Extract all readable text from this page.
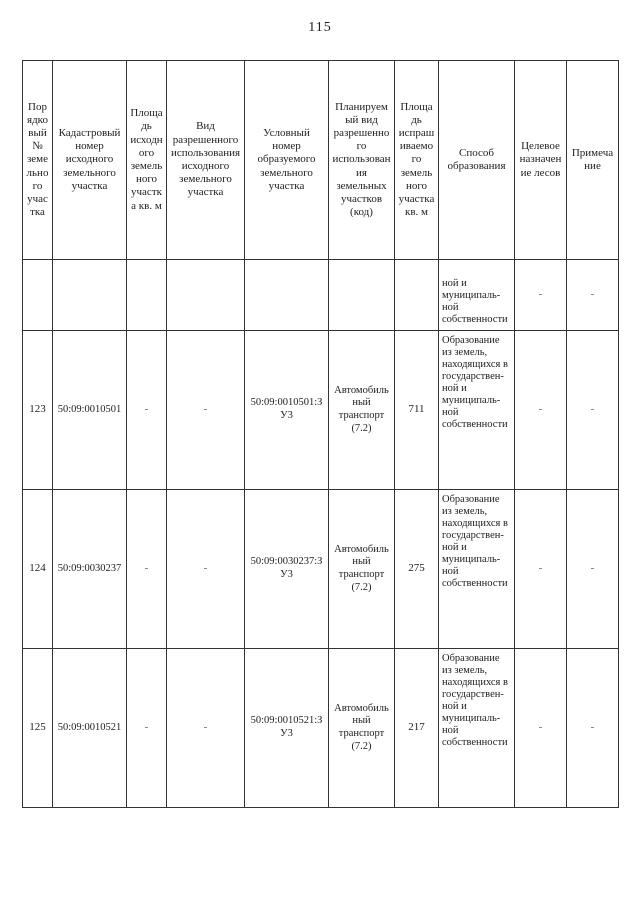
115
Порядковый № земельного участка	Кадастровый номер исходного земельного участка	Площадь исходного земельного участка кв. м	Вид разрешенного использования исходного земельного участка	Условный номер образуемого земельного участка	Планируемый вид разрешенного использования земельных участков (код)	Площадь испрашиваемого земельного участка кв. м	Способ образования	Целевое назначение лесов	Примечание
							ной и муниципаль-ной собственности	-	-
123	50:09:0010501	-	-	50:09:0010501:ЗУ3	Автомобильный транспорт (7.2)	711	Образование из земель, находящихся в государствен-ной и муниципаль-ной собственности	-	-
124	50:09:0030237	-	-	50:09:0030237:ЗУ3	Автомобильный транспорт (7.2)	275	Образование из земель, находящихся в государствен-ной и муниципаль-ной собственности	-	-
125	50:09:0010521	-	-	50:09:0010521:ЗУ3	Автомобильный транспорт (7.2)	217	Образование из земель, находящихся в государствен-ной и муниципаль-ной собственности	-	-
